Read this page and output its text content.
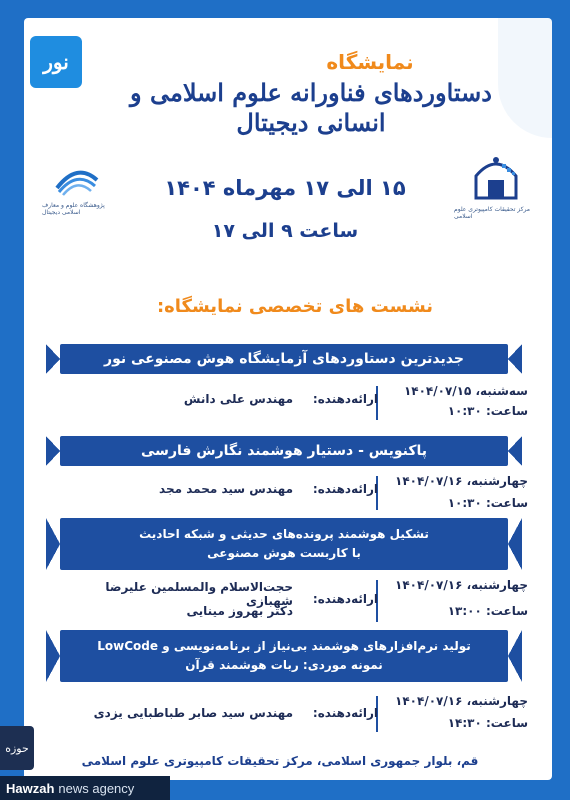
نور	نمایشگاه
دستاوردهای فناورانه علوم اسلامی و انسانی دیجیتال
پژوهشگاه علوم و معارف اسلامی دیجیتال	مرکز تحقیقات کامپیوتری علوم اسلامی
۱۵ الی ۱۷ مهرماه ۱۴۰۴
ساعت ۹ الی ۱۷
نشست های تخصصی نمایشگاه:
جدیدترین دستاوردهای آزمایشگاه هوش مصنوعی نور
سه‌شنبه، ۱۴۰۴/۰۷/۱۵
ساعت: ۱۰:۳۰
ارائه‌دهنده:
مهندس علی دانش
پاکنویس - دستیار هوشمند نگارش فارسی
چهارشنبه، ۱۴۰۴/۰۷/۱۶
ساعت: ۱۰:۳۰
ارائه‌دهنده:
مهندس سید محمد مجد
تشکیل هوشمند پرونده‌های حدیثی و شبکه احادیث
با کاربست هوش مصنوعی
چهارشنبه، ۱۴۰۴/۰۷/۱۶
ساعت: ۱۳:۰۰
ارائه‌دهنده:
حجت‌الاسلام والمسلمین علیرضا شهبازی
دکتر بهروز مینایی
تولید نرم‌افزارهای هوشمند بی‌نیاز از برنامه‌نویسی و LowCode
نمونه موردی: ربات هوشمند قرآن
چهارشنبه، ۱۴۰۴/۰۷/۱۶
ساعت: ۱۴:۳۰
ارائه‌دهنده:
مهندس سید صابر طباطبایی یزدی
قم، بلوار جمهوری اسلامی، مرکز تحقیقات کامپیوتری علوم اسلامی
حوزه
Hawzah news agency
